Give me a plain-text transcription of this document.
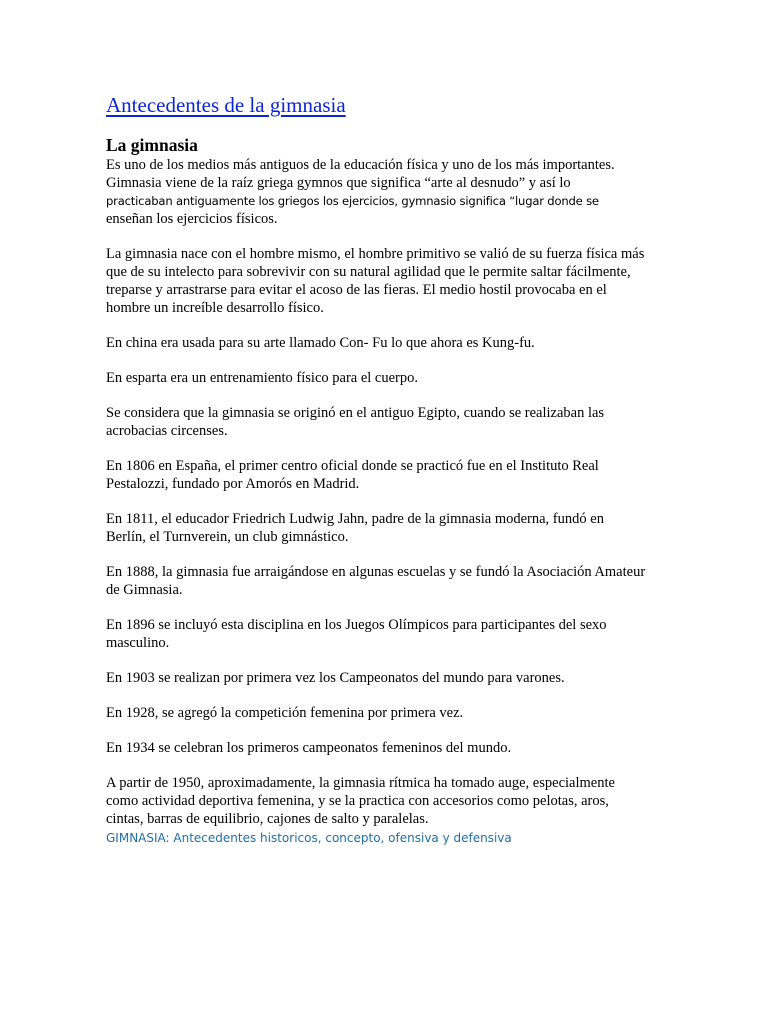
Antecedentes de la gimnasia
La gimnasia
Es uno de los medios más antiguos de la educación física y uno de los más importantes.
Gimnasia viene de la raíz griega gymnos que significa “arte al desnudo” y así lo
practicaban antiguamente los griegos los ejercicios, gymnasio significa “lugar donde se
enseñan los ejercicios físicos.

La gimnasia nace con el hombre mismo, el hombre primitivo se valió de su fuerza física más que de su intelecto para sobrevivir con su natural agilidad que le permite saltar fácilmente, treparse y arrastrarse para evitar el acoso de las fieras. El medio hostil provocaba en el hombre un increíble desarrollo físico.

En china era usada para su arte llamado Con- Fu lo que ahora es Kung-fu.

En esparta era un entrenamiento físico para el cuerpo.

Se considera que la gimnasia se originó en el antiguo Egipto, cuando se realizaban las acrobacias circenses.

En 1806 en España, el primer centro oficial donde se practicó fue en el Instituto Real Pestalozzi, fundado por Amorós en Madrid.

En 1811, el educador Friedrich Ludwig Jahn, padre de la gimnasia moderna, fundó en Berlín, el Turnverein, un club gimnástico.

En 1888, la gimnasia fue arraigándose en algunas escuelas y se fundó la Asociación Amateur de Gimnasia.

En 1896 se incluyó esta disciplina en los Juegos Olímpicos para participantes del sexo masculino.

En 1903 se realizan por primera vez los Campeonatos del mundo para varones.

En 1928, se agregó la competición femenina por primera vez.

En 1934 se celebran los primeros campeonatos femeninos del mundo.

A partir de 1950, aproximadamente, la gimnasia rítmica ha tomado auge, especialmente como actividad deportiva femenina, y se la practica con accesorios como pelotas, aros, cintas, barras de equilibrio, cajones de salto y paralelas.

GIMNASIA: Antecedentes historicos, concepto, ofensiva y defensiva
